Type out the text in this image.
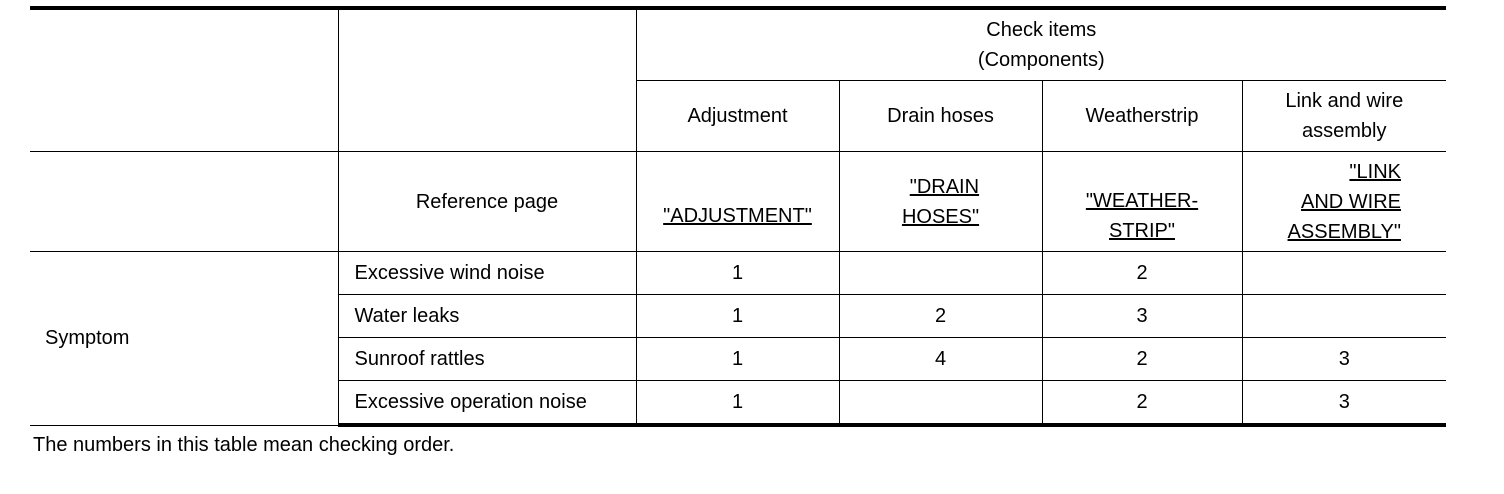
		Check items
(Components)			

		Adjustment	Drain hoses	Weatherstrip	Link and wire
assembly
	Reference page	"ADJUSTMENT"	"DRAIN
HOSES"	"WEATHER-
STRIP"	"LINK
AND WIRE
ASSEMBLY"
Symptom	Excessive wind noise	1		2	
	Water leaks	1	2	3	
	Sunroof rattles	1	4	2	3
	Excessive operation noise	1		2	3
The numbers in this table mean checking order.
